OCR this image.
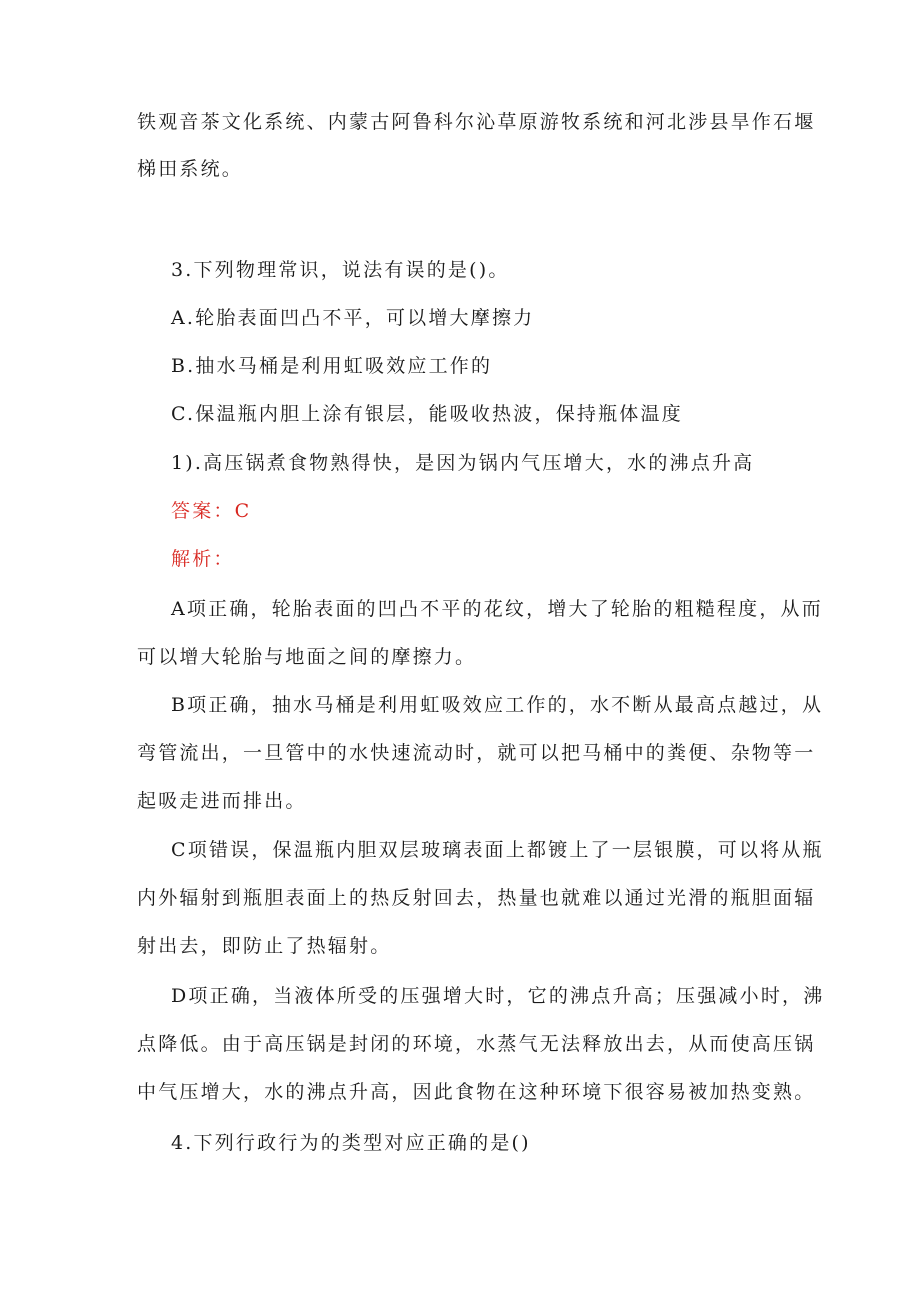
铁观音茶文化系统、内蒙古阿鲁科尔沁草原游牧系统和河北涉县旱作石堰
梯田系统。
3.下列物理常识，说法有误的是()。
A.轮胎表面凹凸不平，可以增大摩擦力
B.抽水马桶是利用虹吸效应工作的
C.保温瓶内胆上涂有银层，能吸收热波，保持瓶体温度
1).高压锅煮食物熟得快，是因为锅内气压增大，水的沸点升高
答案：C
解析：
A项正确，轮胎表面的凹凸不平的花纹，增大了轮胎的粗糙程度，从而
可以增大轮胎与地面之间的摩擦力。
B项正确，抽水马桶是利用虹吸效应工作的，水不断从最高点越过，从
弯管流出，一旦管中的水快速流动时，就可以把马桶中的粪便、杂物等一
起吸走进而排出。
C项错误，保温瓶内胆双层玻璃表面上都镀上了一层银膜，可以将从瓶
内外辐射到瓶胆表面上的热反射回去，热量也就难以通过光滑的瓶胆面辐
射出去，即防止了热辐射。
D项正确，当液体所受的压强增大时，它的沸点升高；压强减小时，沸
点降低。由于高压锅是封闭的环境，水蒸气无法释放出去，从而使高压锅
中气压增大，水的沸点升高，因此食物在这种环境下很容易被加热变熟。
4.下列行政行为的类型对应正确的是()
